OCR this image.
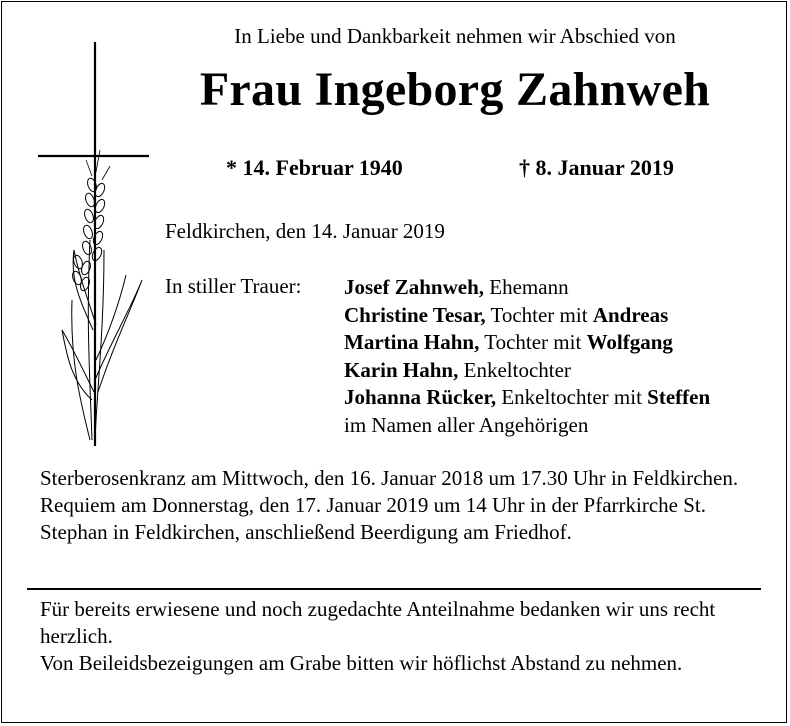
In Liebe und Dankbarkeit nehmen wir Abschied von
Frau Ingeborg Zahnweh
* 14. Februar 1940	† 8. Januar 2019
Feldkirchen, den 14. Januar 2019
In stiller Trauer: Josef Zahnweh, Ehemann
Christine Tesar, Tochter mit Andreas
Martina Hahn, Tochter mit Wolfgang
Karin Hahn, Enkeltochter
Johanna Rücker, Enkeltochter mit Steffen
im Namen aller Angehörigen
Sterberosenkranz am Mittwoch, den 16. Januar 2018 um 17.30 Uhr in Feldkirchen. Requiem am Donnerstag, den 17. Januar 2019 um 14 Uhr in der Pfarrkirche St. Stephan in Feldkirchen, anschließend Beerdigung am Friedhof.
Für bereits erwiesene und noch zugedachte Anteilnahme bedanken wir uns recht herzlich.
Von Beileidsbezeigungen am Grabe bitten wir höflichst Abstand zu nehmen.
